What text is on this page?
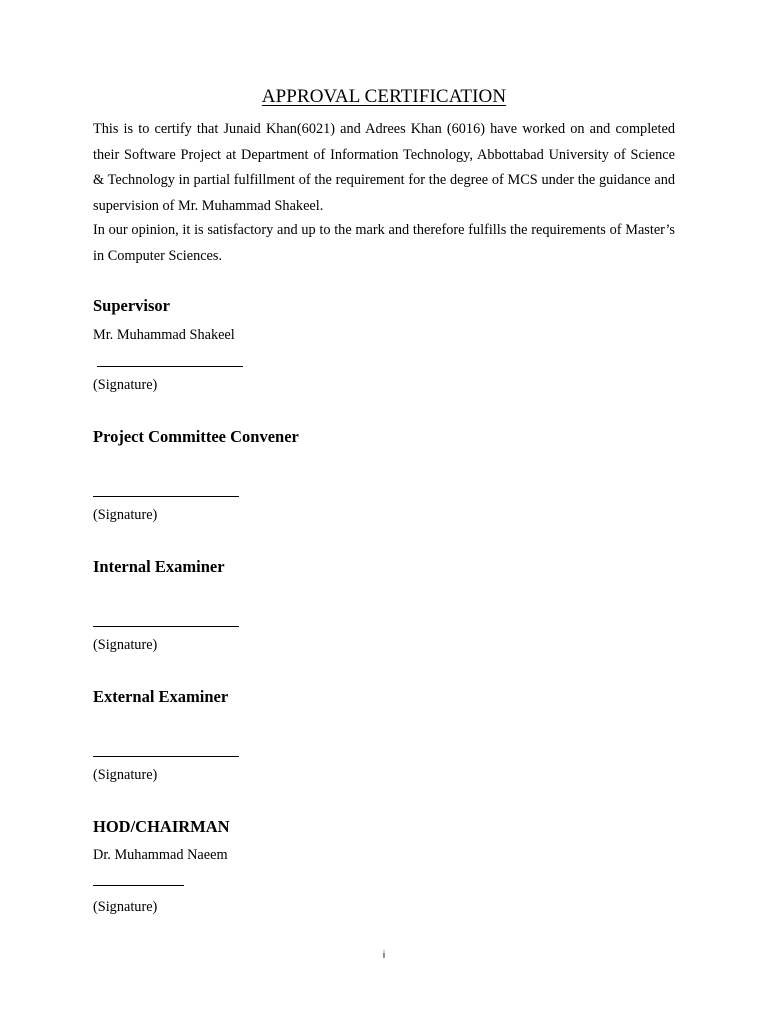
APPROVAL CERTIFICATION

This is to certify that Junaid Khan(6021) and Adrees Khan (6016) have worked on and completed their Software Project at Department of Information Technology, Abbottabad University of Science & Technology in partial fulfillment of the requirement for the degree of MCS under the guidance and supervision of Mr. Muhammad Shakeel.

In our opinion, it is satisfactory and up to the mark and therefore fulfills the requirements of Master’s in Computer Sciences.

Supervisor

Mr. Muhammad Shakeel

(Signature)

Project Committee Convener

(Signature)

Internal Examiner

(Signature)

External Examiner

(Signature)

HOD/CHAIRMAN

Dr. Muhammad Naeem

(Signature)

i
